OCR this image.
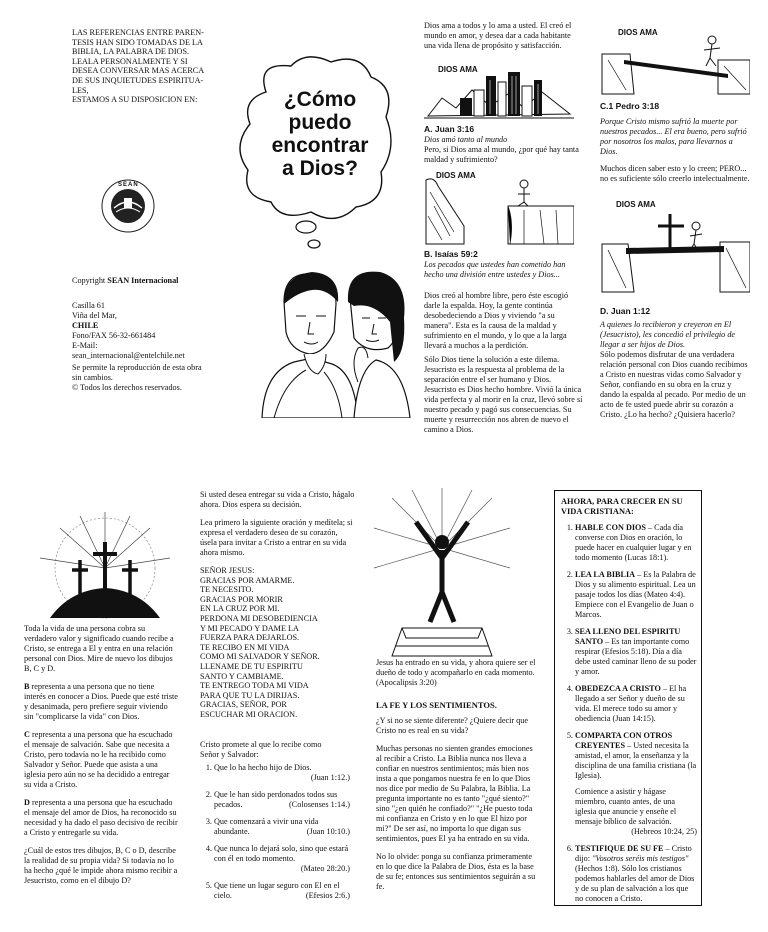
LAS REFERENCIAS ENTRE PAREN-
TESIS HAN SIDO TOMADAS DE LA
BIBLIA, LA PALABRA DE DIOS.
LEALA PERSONALMENTE Y SI
DESEA CONVERSAR MAS ACERCA
DE SUS INQUIETUDES ESPIRITUA-
LES,
ESTAMOS A SU DISPOSICION EN:
SEAN
Copyright SEAN Internacional
Casilla 61
Viña del Mar,
CHILE
Fono/FAX 56-32-661484
E-Mail:
sean_internacional@entelchile.net
Se permite la reproducción de esta obra
sin cambios.
© Todos los derechos reservados.
¿Cómo
puedo
encontrar
a Dios?
Dios ama a todos y lo ama a usted. El creó el mundo en amor, y desea dar a cada habitante una vida llena de propósito y satisfacción.
DIOS AMA
A. Juan 3:16
Dios amó tanto al mundo
Pero, si Dios ama al mundo, ¿por qué hay tanta maldad y sufrimiento?
DIOS AMA
B. Isaías 59:2
Los pecados que ustedes han cometido han hecho una división entre ustedes y Dios...
Dios creó al hombre libre, pero éste escogió darle la espalda. Hoy, la gente continúa desobedeciendo a Dios y viviendo "a su manera". Esta es la causa de la maldad y sufrimiento en el mundo, y lo que a la larga llevará a muchos a la perdición.
Sólo Dios tiene la solución a este dilema. Jesucristo es la respuesta al problema de la separación entre el ser humano y Dios. Jesucristo es Dios hecho hombre. Vivió la única vida perfecta y al morir en la cruz, llevó sobre sí nuestro pecado y pagó sus consecuencias. Su muerte y resurrección nos abren de nuevo el camino a Dios.
DIOS AMA
C.1 Pedro 3:18
Porque Cristo mismo sufrió la muerte por nuestros pecados... El era bueno, pero sufrió por nosotros los malos, para llevarnos a Dios.
Muchos dicen saber esto y lo creen; PERO... no es suficiente sólo creerlo intelectualmente.
DIOS AMA
D. Juan 1:12
A quienes lo recibieron y creyeron en El (Jesucristo), les concedió el privilegio de llegar a ser hijos de Dios.
Sólo podemos disfrutar de una verdadera relación personal con Dios cuando recibimos a Cristo en nuestras vidas como Salvador y Señor, confiando en su obra en la cruz y dando la espalda al pecado. Por medio de un acto de fe usted puede abrir su corazón a Cristo. ¿Lo ha hecho? ¿Quisiera hacerlo?

Toda la vida de una persona cobra su verdadero valor y significado cuando recibe a Cristo, se entrega a El y entra en una relación personal con Dios. Mire de nuevo los dibujos B, C y D.

B representa a una persona que no tiene interés en conocer a Dios. Puede que esté triste y desanimada, pero prefiere seguir viviendo sin "complicarse la vida" con Dios.

C representa a una persona que ha escuchado el mensaje de salvación. Sabe que necesita a Cristo, pero todavía no le ha recibido como Salvador y Señor. Puede que asista a una iglesia pero aún no se ha decidido a entregar su vida a Cristo.

D representa a una persona que ha escuchado el mensaje del amor de Dios, ha reconocido su necesidad y ha dado el paso decisivo de recibir a Cristo y entregarle su vida.

¿Cuál de estos tres dibujos, B, C o D, describe la realidad de su propia vida? Si todavía no lo ha hecho ¿qué le impide ahora mismo recibir a Jesucristo, como en el dibujo D?

Si usted desea entregar su vida a Cristo, hágalo ahora. Dios espera su decisión.

Lea primero la siguiente oración y medítela; si expresa el verdadero deseo de su corazón, úsela para invitar a Cristo a entrar en su vida ahora mismo.

SEÑOR JESUS:
GRACIAS POR AMARME.
TE NECESITO.
GRACIAS POR MORIR
EN LA CRUZ POR MI.
PERDONA MI DESOBEDIENCIA
Y MI PECADO Y DAME LA
FUERZA PARA DEJARLOS.
TE RECIBO EN MI VIDA
COMO MI SALVADOR Y SEÑOR.
LLENAME DE TU ESPIRITU
SANTO Y CAMBIAME.
TE ENTREGO TODA MI VIDA
PARA QUE TU LA DIRIJAS.
GRACIAS, SEÑOR, POR
ESCUCHAR MI ORACION.
Cristo promete al que lo recibe como Señor y Salvador:
1. Que lo ha hecho hijo de Dios.
(Juan 1:12.)
2. Que le han sido perdonados todos sus pecados.	(Colosenses 1:14.)
3. Que comenzará a vivir una vida abundante.	(Juan 10:10.)
4. Que nunca lo dejará solo, sino que estará con él en todo momento.
(Mateo 28:20.)
5. Que tiene un lugar seguro con El en el cielo.	(Efesios 2:6.)
Jesus ha entrado en su vida, y ahora quiere ser el dueño de todo y acompañarlo en cada momento. (Apocalipsis 3:20)
LA FE Y LOS SENTIMIENTOS.

¿Y si no se siente diferente? ¿Quiere decir que Cristo no es real en su vida?

Muchas personas no sienten grandes emociones al recibir a Cristo. La Biblia nunca nos lleva a confiar en nuestros sentimientos; más bien nos insta a que pongamos nuestra fe en lo que Dios nos dice por medio de Su Palabra, la Biblia. La pregunta importante no es tanto "¿qué siento?" sino "¿en quién he confiado?" "¿He puesto toda mi confianza en Cristo y en lo que El hizo por mi?" De ser así, no importa lo que digan sus sentimientos, pues El ya ha entrado en su vida.

No lo olvide: ponga su confianza primeramente en lo que dice la Palabra de Dios, ésta es la base de su fe; entonces sus sentimientos seguirán a su fe.

AHORA, PARA CRECER EN SU VIDA CRISTIANA:
1. HABLE CON DIOS – Cada día converse con Dios en oración, lo puede hacer en cualquier lugar y en todo momento (Lucas 18:1).
2. LEA LA BIBLIA – Es la Palabra de Dios y su alimento espiritual. Lea un pasaje todos los días (Mateo 4:4). Empiece con el Evangelio de Juan o Marcos.
3. SEA LLENO DEL ESPIRITU SANTO – Es tan importante como respirar (Efesios 5:18). Día a día debe usted caminar lleno de su poder y amor.
4. OBEDEZCA A CRISTO – El ha llegado a ser Señor y dueño de su vida. El merece todo su amor y obediencia (Juan 14:15).
5. COMPARTA CON OTROS CREYENTES – Usted necesita la amistad, el amor, la enseñanza y la disciplina de una familia cristiana (la Iglesia).
Comience a asistir y hágase miembro, cuanto antes, de una iglesia que anuncie y enseñe el mensaje bíblico de salvación.
(Hebreos 10:24, 25)
6. TESTIFIQUE DE SU FE – Cristo dijo: "Vosotros seréis mis testigos" (Hechos 1:8). Sólo los cristianos podemos hablarles del amor de Dios y de su plan de salvación a los que no conocen a Cristo.
